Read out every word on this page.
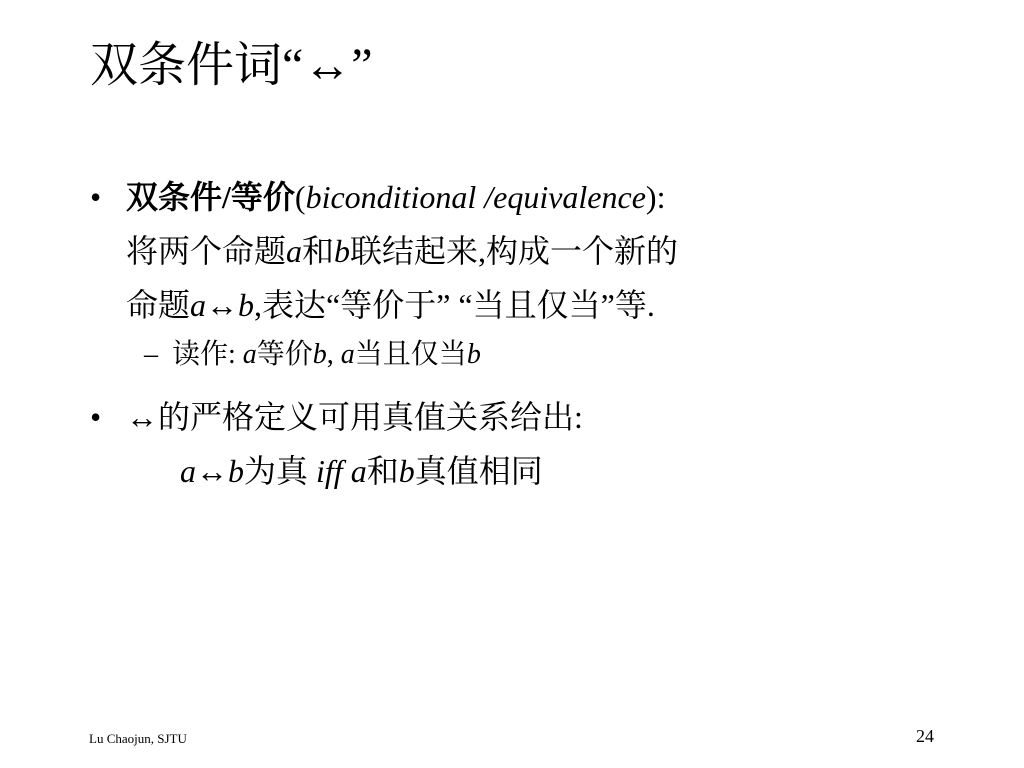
双条件词“↔”
• 双条件/等价(biconditional /equivalence):
将两个命题a和b联结起来,构成一个新的
命题a↔b,表达“等价于” “当且仅当”等.
– 读作: a等价b, a当且仅当b
• ↔的严格定义可用真值关系给出:
a↔b为真 iff a和b真值相同
Lu Chaojun, SJTU	24
